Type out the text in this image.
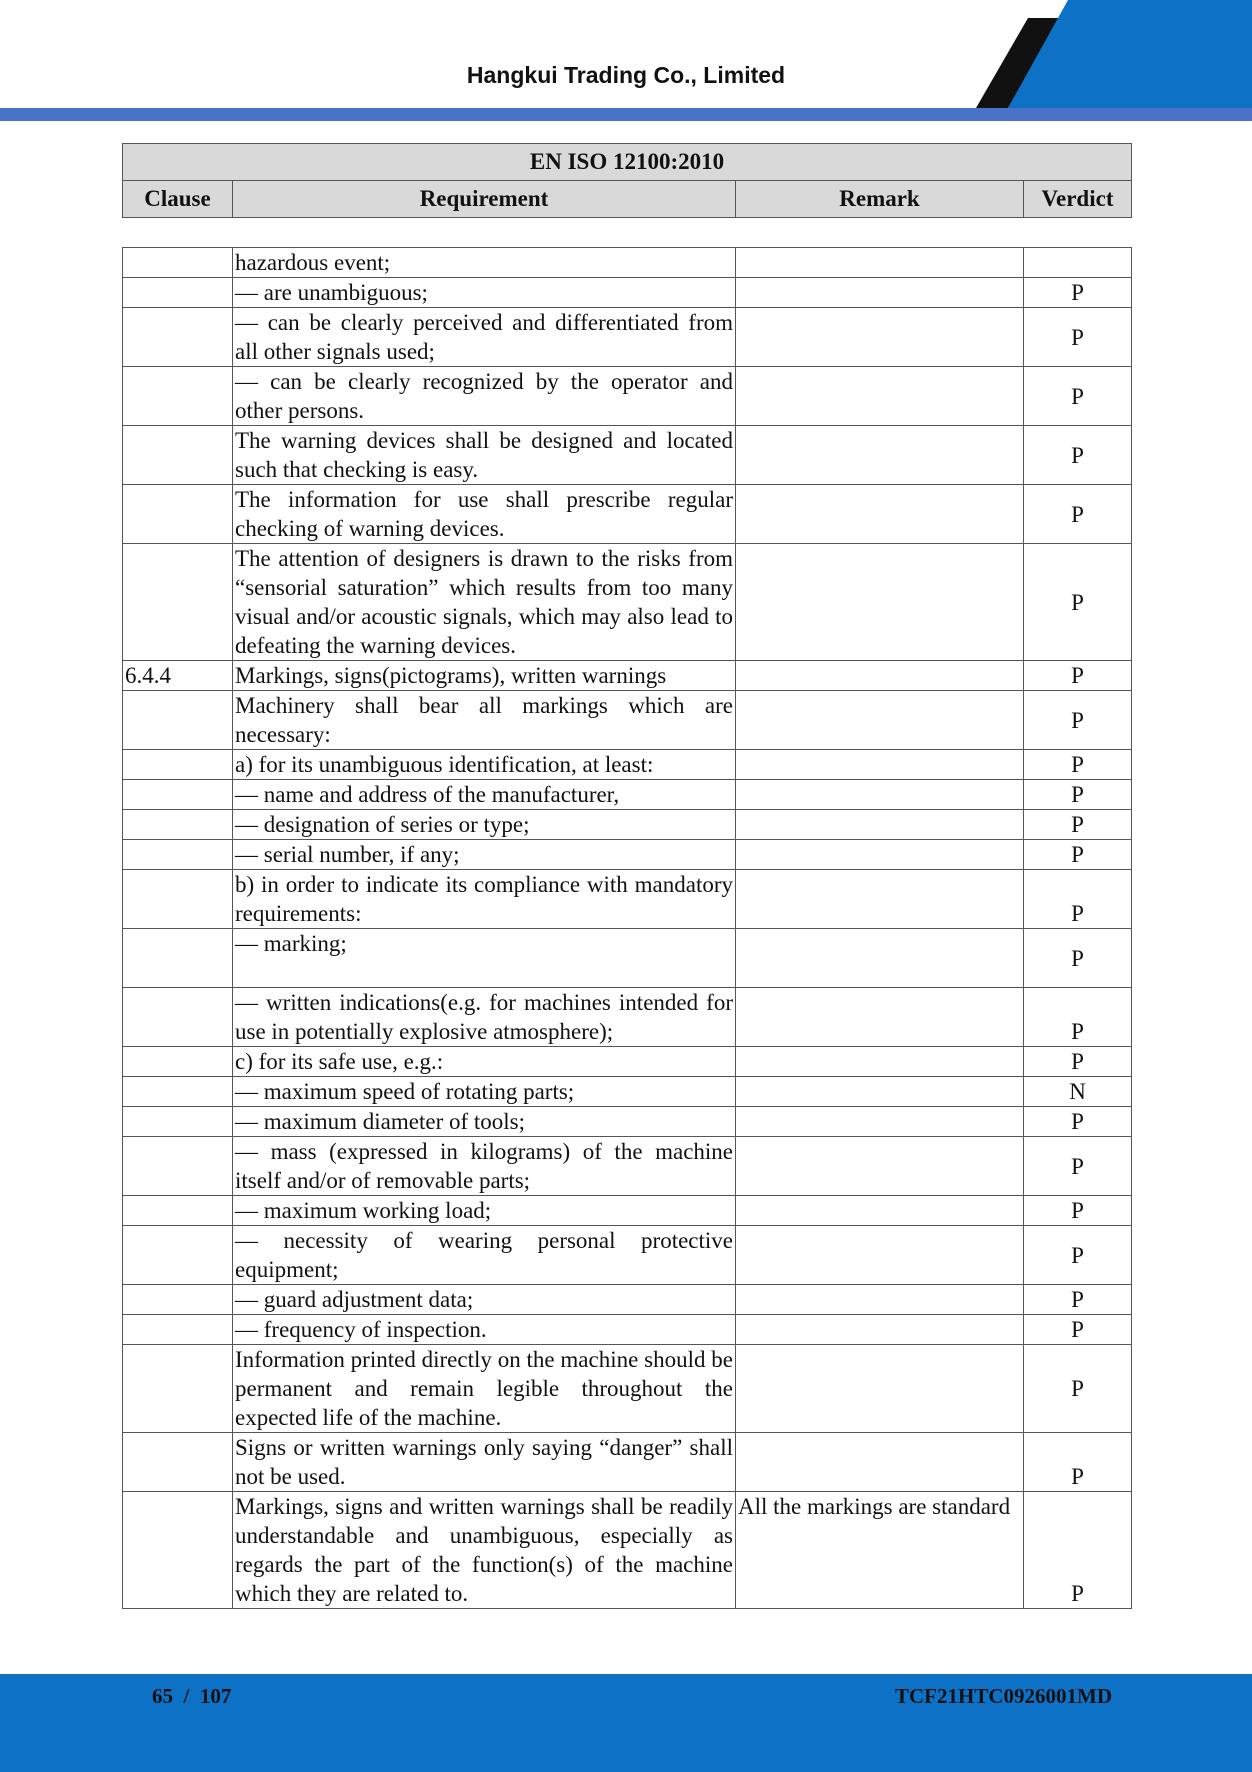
Hangkui Trading Co., Limited
EN ISO 12100:2010
Clause	Requirement	Remark	Verdict
	hazardous event;		
	— are unambiguous;		P
	— can be clearly perceived and differentiated from all other signals used;		P
	— can be clearly recognized by the operator and other persons.		P
	The warning devices shall be designed and located such that checking is easy.		P
	The information for use shall prescribe regular checking of warning devices.		P
	The attention of designers is drawn to the risks from “sensorial saturation” which results from too many visual and/or acoustic signals, which may also lead to defeating the warning devices.		P
6.4.4	Markings, signs(pictograms), written warnings		P
	Machinery shall bear all markings which are necessary:		P
	a) for its unambiguous identification, at least:		P
	— name and address of the manufacturer,		P
	— designation of series or type;		P
	— serial number, if any;		P
	b) in order to indicate its compliance with mandatory requirements:		P
	— marking;		P
	— written indications(e.g. for machines intended for use in potentially explosive atmosphere);		P
	c) for its safe use, e.g.:		P
	— maximum speed of rotating parts;		N
	— maximum diameter of tools;		P
	— mass (expressed in kilograms) of the machine itself and/or of removable parts;		P
	— maximum working load;		P
	— necessity of wearing personal protective equipment;		P
	— guard adjustment data;		P
	— frequency of inspection.		P
	Information printed directly on the machine should be permanent and remain legible throughout the expected life of the machine.		P
	Signs or written warnings only saying “danger” shall not be used.		P
	Markings, signs and written warnings shall be readily understandable and unambiguous, especially as regards the part of the function(s) of the machine which they are related to.	All the markings are standard	P
65  /  107	TCF21HTC0926001MD
